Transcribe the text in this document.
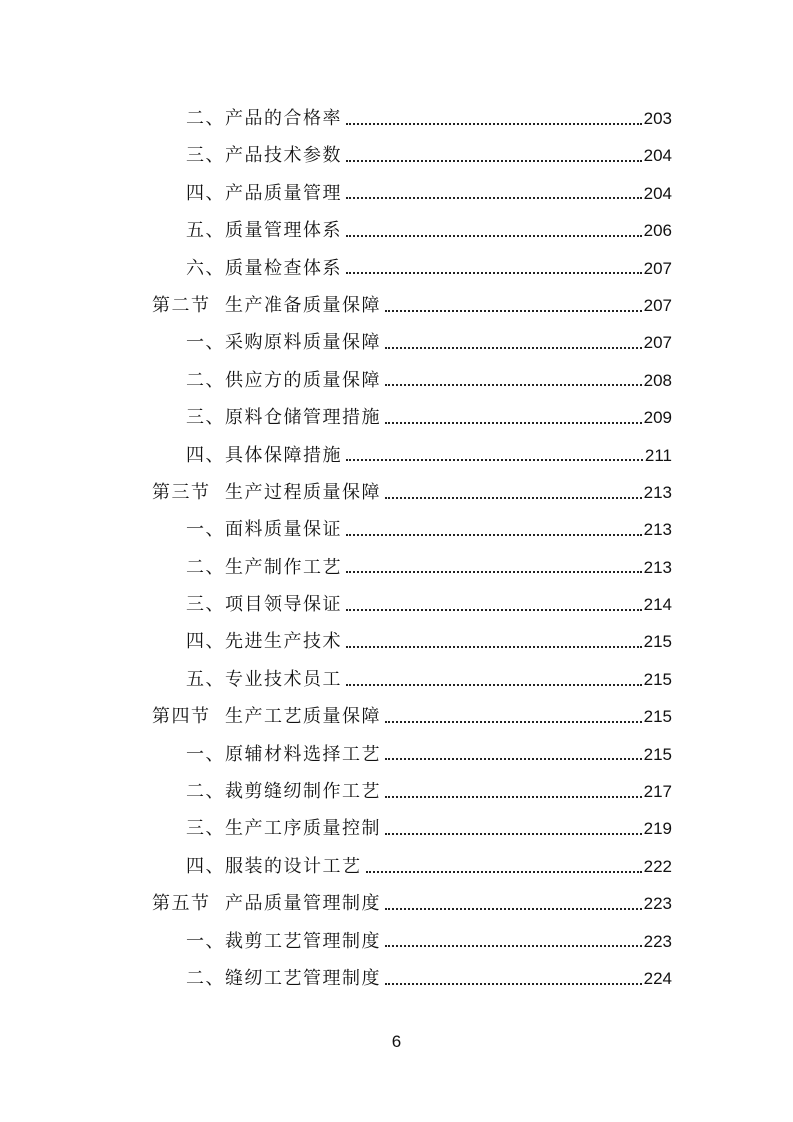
二、产品的合格率	203
三、产品技术参数	204
四、产品质量管理	204
五、质量管理体系	206
六、质量检查体系	207
第二节  生产准备质量保障	207
一、采购原料质量保障	207
二、供应方的质量保障	208
三、原料仓储管理措施	209
四、具体保障措施	211
第三节  生产过程质量保障	213
一、面料质量保证	213
二、生产制作工艺	213
三、项目领导保证	214
四、先进生产技术	215
五、专业技术员工	215
第四节  生产工艺质量保障	215
一、原辅材料选择工艺	215
二、裁剪缝纫制作工艺	217
三、生产工序质量控制	219
四、服装的设计工艺	222
第五节  产品质量管理制度	223
一、裁剪工艺管理制度	223
二、缝纫工艺管理制度	224
6
